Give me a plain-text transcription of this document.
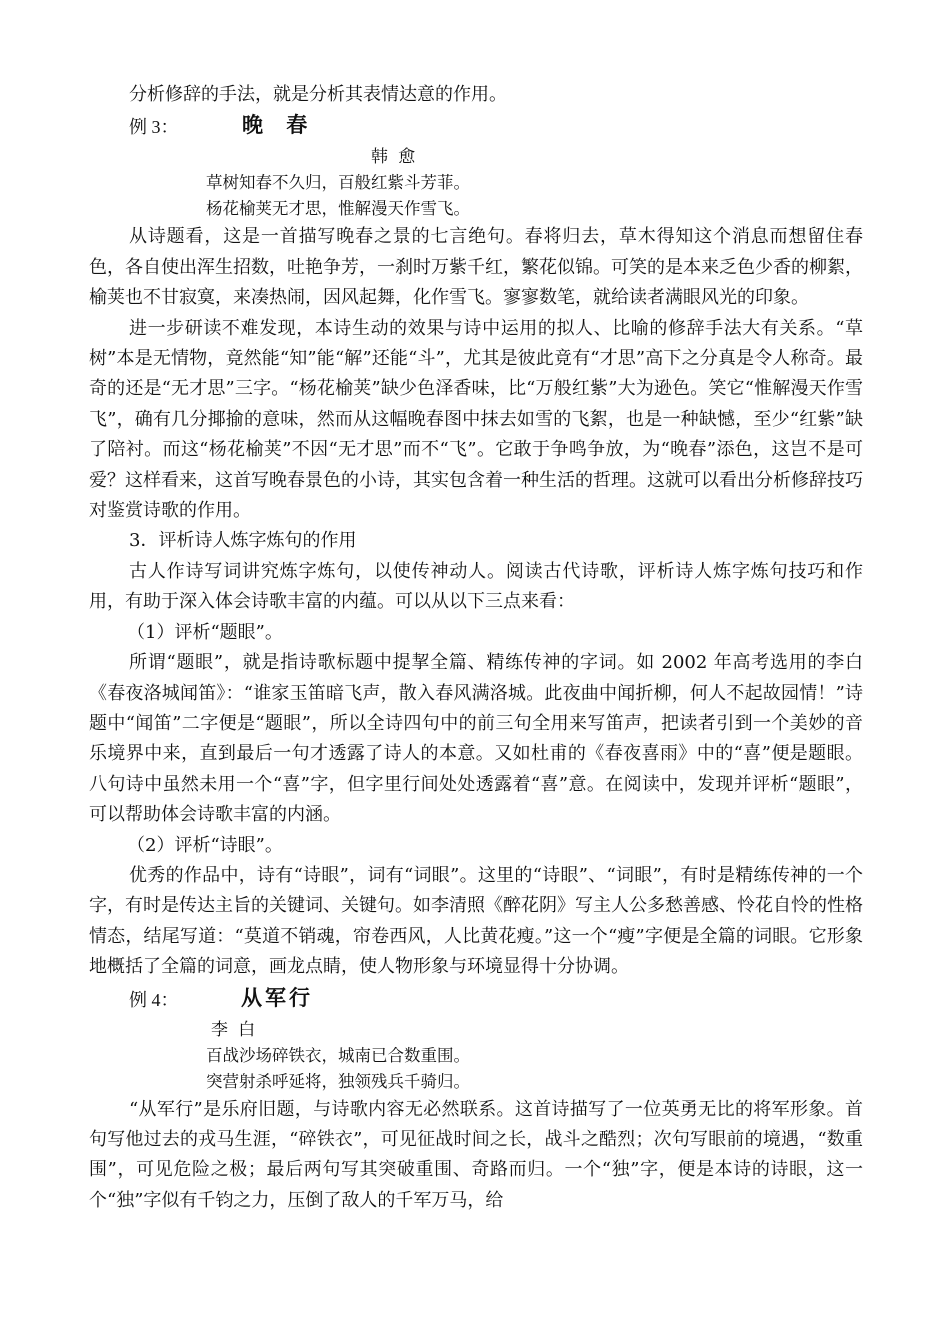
分析修辞的手法，就是分析其表情达意的作用。

例 3：	晚 春

韩 愈

草树知春不久归，百般红紫斗芳菲。

杨花榆荚无才思，惟解漫天作雪飞。

从诗题看，这是一首描写晚春之景的七言绝句。春将归去，草木得知这个消息而想留住春色，各自使出浑生招数，吐艳争芳，一刹时万紫千红，繁花似锦。可笑的是本来乏色少香的柳絮，榆荚也不甘寂寞，来凑热闹，因风起舞，化作雪飞。寥寥数笔，就给读者满眼风光的印象。

进一步研读不难发现，本诗生动的效果与诗中运用的拟人、比喻的修辞手法大有关系。“草树”本是无情物，竟然能“知”能“解”还能“斗”，尤其是彼此竟有“才思”高下之分真是令人称奇。最奇的还是“无才思”三字。“杨花榆荚”缺少色泽香味，比“万般红紫”大为逊色。笑它“惟解漫天作雪飞”，确有几分揶揄的意味，然而从这幅晚春图中抹去如雪的飞絮，也是一种缺憾，至少“红紫”缺了陪衬。而这“杨花榆荚”不因“无才思”而不“飞”。它敢于争鸣争放，为“晚春”添色，这岂不是可爱？这样看来，这首写晚春景色的小诗，其实包含着一种生活的哲理。这就可以看出分析修辞技巧对鉴赏诗歌的作用。

3．评析诗人炼字炼句的作用

古人作诗写词讲究炼字炼句，以使传神动人。阅读古代诗歌，评析诗人炼字炼句技巧和作用，有助于深入体会诗歌丰富的内蕴。可以从以下三点来看：

（1）评析“题眼”。

所谓“题眼”，就是指诗歌标题中提挈全篇、精练传神的字词。如 2002 年高考选用的李白《春夜洛城闻笛》：“谁家玉笛暗飞声，散入春风满洛城。此夜曲中闻折柳，何人不起故园情！”诗题中“闻笛”二字便是“题眼”，所以全诗四句中的前三句全用来写笛声，把读者引到一个美妙的音乐境界中来，直到最后一句才透露了诗人的本意。又如杜甫的《春夜喜雨》中的“喜”便是题眼。八句诗中虽然未用一个“喜”字，但字里行间处处透露着“喜”意。在阅读中，发现并评析“题眼”，可以帮助体会诗歌丰富的内涵。

（2）评析“诗眼”。

优秀的作品中，诗有“诗眼”，词有“词眼”。这里的“诗眼”、“词眼”，有时是精练传神的一个字，有时是传达主旨的关键词、关键句。如李清照《醉花阴》写主人公多愁善感、怜花自怜的性格情态，结尾写道：“莫道不销魂，帘卷西风，人比黄花瘦。”这一个“瘦”字便是全篇的词眼。它形象地概括了全篇的词意，画龙点睛，使人物形象与环境显得十分协调。

例 4：	从军行

李 白

百战沙场碎铁衣，城南已合数重围。

突营射杀呼延将，独领残兵千骑归。

“从军行”是乐府旧题，与诗歌内容无必然联系。这首诗描写了一位英勇无比的将军形象。首句写他过去的戎马生涯，“碎铁衣”，可见征战时间之长，战斗之酷烈；次句写眼前的境遇，“数重围”，可见危险之极；最后两句写其突破重围、奇路而归。一个“独”字，便是本诗的诗眼，这一个“独”字似有千钧之力，压倒了敌人的千军万马，给
